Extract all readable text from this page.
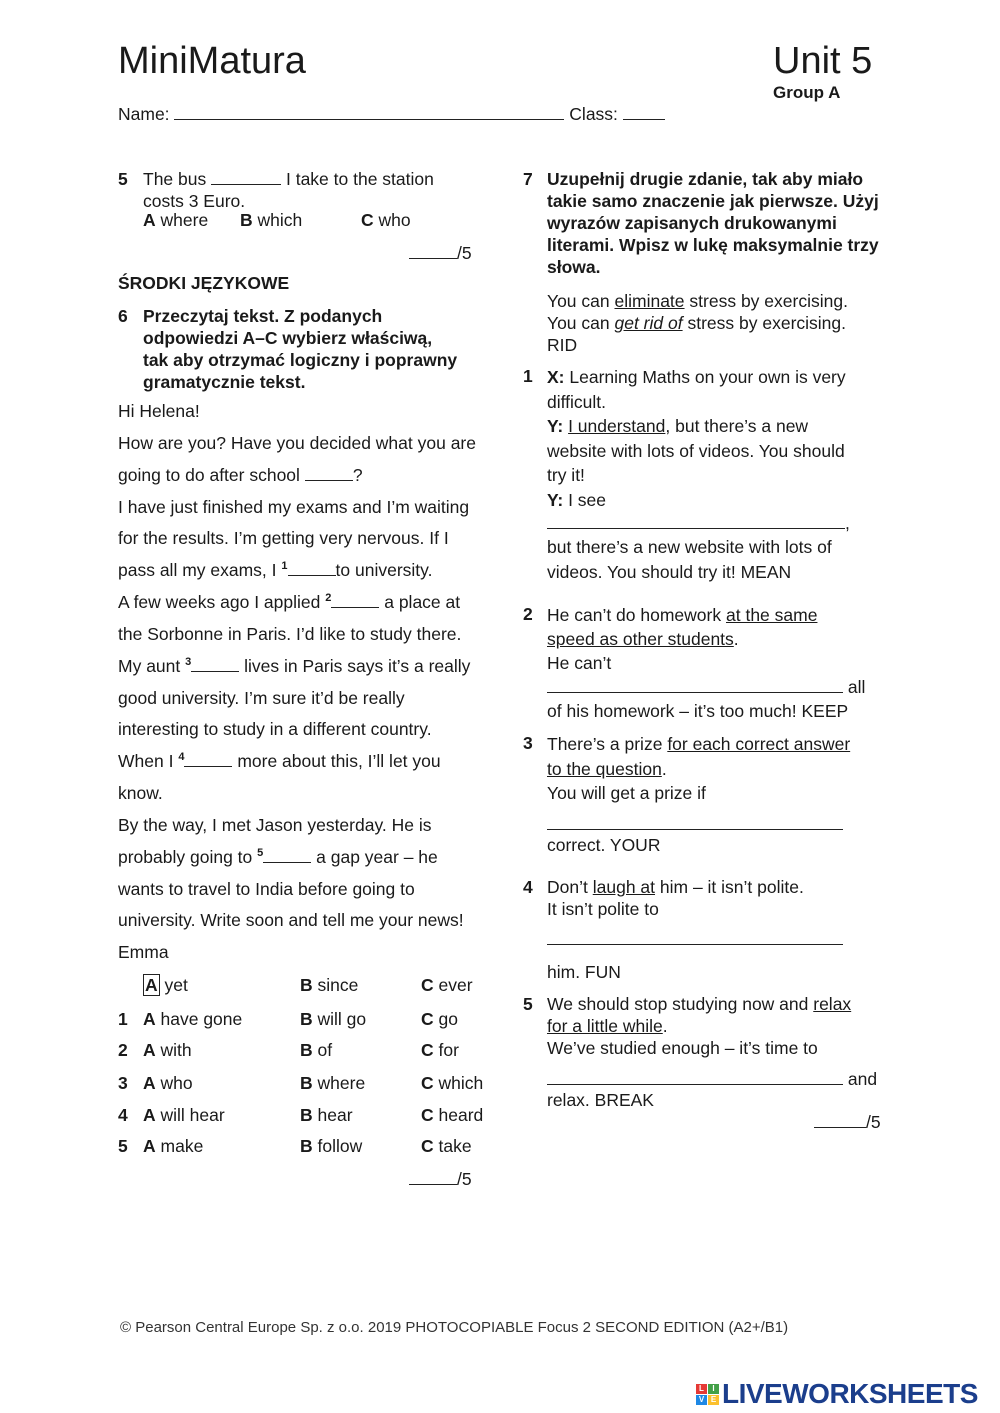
MiniMatura	Unit 5
Group A
Name:	Class:
5 The bus	I take to the station
costs 3 Euro.
A where B which	C who
/5
ŚRODKI JĘZYKOWE
6 Przeczytaj tekst. Z podanych
odpowiedzi A–C wybierz właściwą,
tak aby otrzymać logiczny i poprawny
gramatycznie tekst.
Hi Helena!
How are you? Have you decided what you are
going to do after school	?
I have just finished my exams and I’m waiting
for the results. I’m getting very nervous. If I
pass all my exams, I $^1$	to university.
A few weeks ago I applied $^2$	a place at
the Sorbonne in Paris. I’d like to study there.
My aunt $^3$	lives in Paris says it’s a really
good university. I’m sure it’d be really
interesting to study in a different country.
When I $^4$	more about this, I’ll let you
know.
By the way, I met Jason yesterday. He is
probably going to $^5$	a gap year – he
wants to travel to India before going to
university. Write soon and tell me your news!
Emma
A yet	B since	C ever
1 A have gone	B will go	C go
2 A with	B of	C for
3 A who	B where	C which
4 A will hear	B hear	C heard
5 A make	B follow	C take
/5
7 Uzupełnij drugie zdanie, tak aby miało
takie samo znaczenie jak pierwsze. Użyj
wyrazów zapisanych drukowanymi
literami. Wpisz w lukę maksymalnie trzy
słowa.
You can eliminate stress by exercising.
You can get rid of stress by exercising.
RID
1 X: Learning Maths on your own is very
difficult.
Y: I understand, but there’s a new
website with lots of videos. You should
try it!
Y: I see
,
but there’s a new website with lots of
videos. You should try it! MEAN
2 He can’t do homework at the same
speed as other students.
He can’t
all
of his homework – it’s too much! KEEP
3 There’s a prize for each correct answer
to the question.
You will get a prize if
correct. YOUR
4 Don’t laugh at him – it isn’t polite.
It isn’t polite to
him. FUN
5 We should stop studying now and relax
for a little while.
We’ve studied enough – it’s time to
and
relax. BREAK
/5
© Pearson Central Europe Sp. z o.o. 2019 PHOTOCOPIABLE Focus 2 SECOND EDITION (A2+/B1)
L	I
V E LIVEWORKSHEETS
